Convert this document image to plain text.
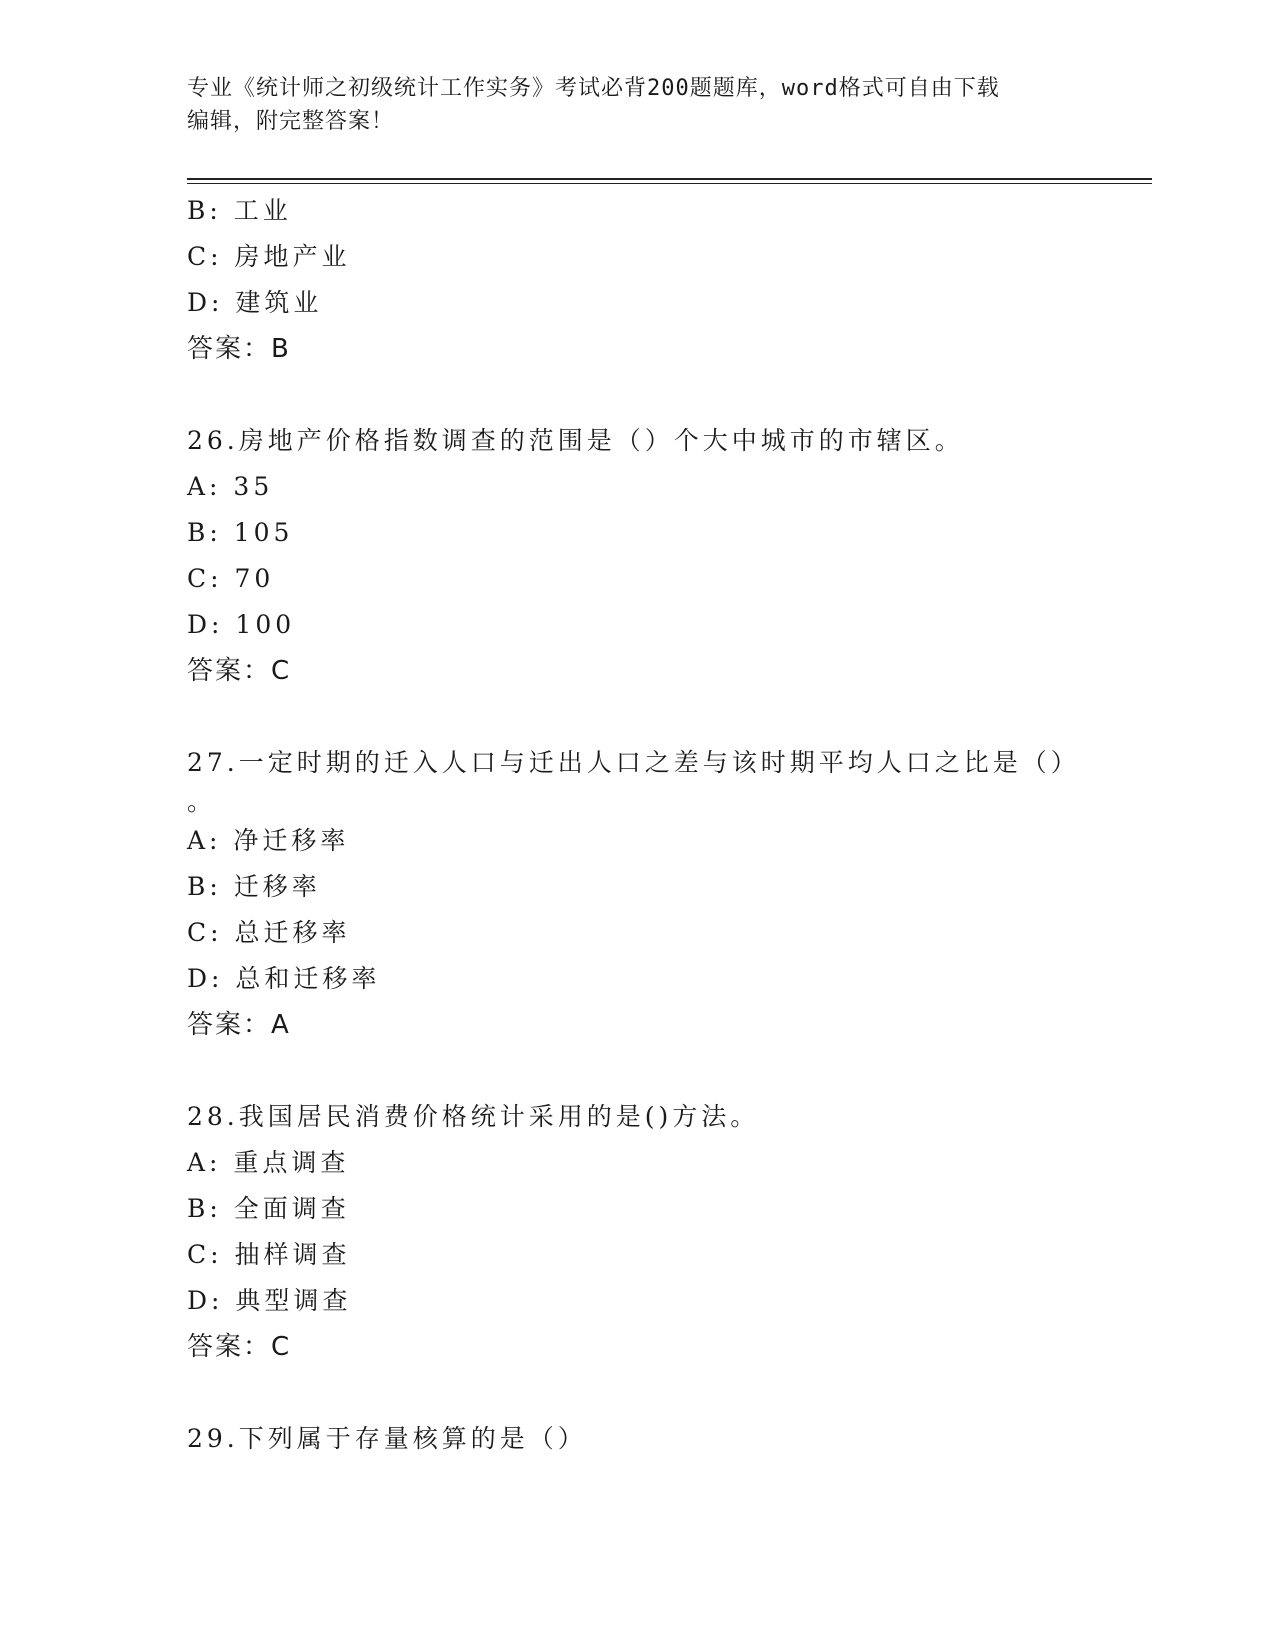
专业《统计师之初级统计工作实务》考试必背200题题库，word格式可自由下载
编辑，附完整答案！
B: 工业
C: 房地产业
D: 建筑业
答案：B
26.房地产价格指数调查的范围是（）个大中城市的市辖区。
A: 35
B: 105
C: 70
D: 100
答案：C
27.一定时期的迁入人口与迁出人口之差与该时期平均人口之比是（）
。
A: 净迁移率
B: 迁移率
C: 总迁移率
D: 总和迁移率
答案：A
28.我国居民消费价格统计采用的是()方法。
A: 重点调查
B: 全面调查
C: 抽样调查
D: 典型调查
答案：C
29.下列属于存量核算的是（）
